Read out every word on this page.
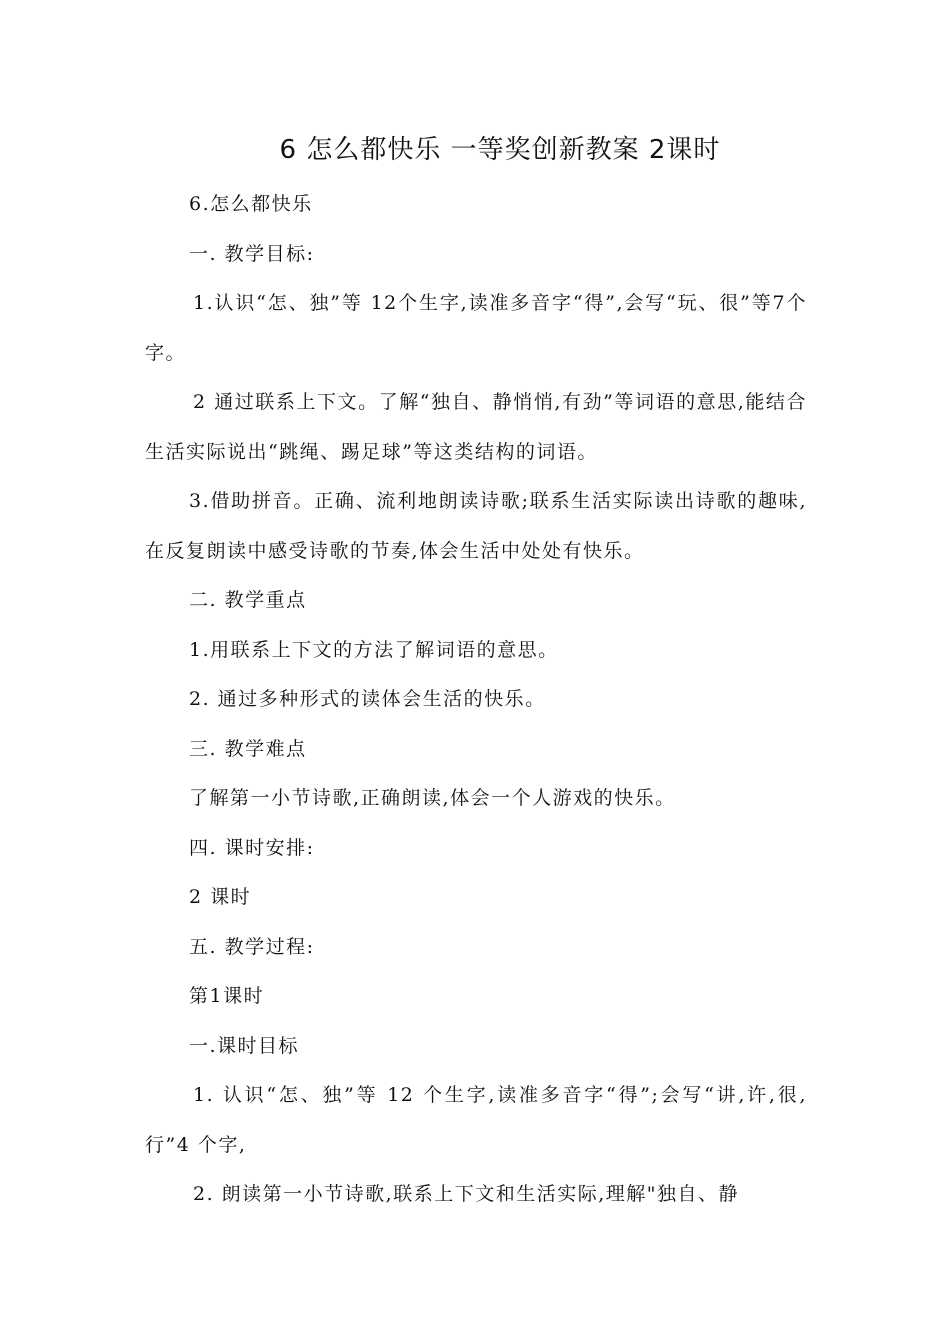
6 怎么都快乐 一等奖创新教案 2课时

6.怎么都快乐

一. 教学目标:

1.认识“怎、独”等 12个生字,读准多音字“得”,会写“玩、很”等7个字。

2 通过联系上下文。了解“独自、静悄悄,有劲”等词语的意思,能结合生活实际说出“跳绳、踢足球”等这类结构的词语。

3.借助拼音。正确、流利地朗读诗歌;联系生活实际读出诗歌的趣味,在反复朗读中感受诗歌的节奏,体会生活中处处有快乐。

二. 教学重点

1.用联系上下文的方法了解词语的意思。

2. 通过多种形式的读体会生活的快乐。

三. 教学难点

了解第一小节诗歌,正确朗读,体会一个人游戏的快乐。

四. 课时安排:

2 课时

五. 教学过程:

第1课时

一.课时目标

1. 认识“怎、独”等 12 个生字,读准多音字“得”;会写“讲,许,很,行”4 个字,

2. 朗读第一小节诗歌,联系上下文和生活实际,理解"独自、静
